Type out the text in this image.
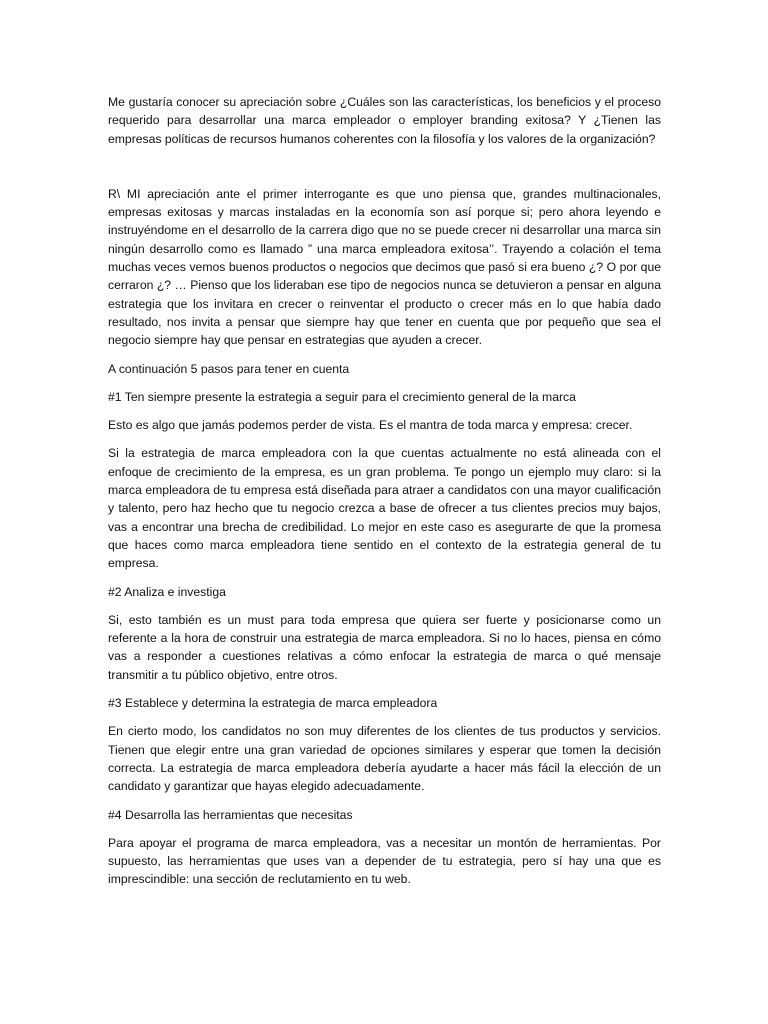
Me gustaría conocer su apreciación sobre ¿Cuáles son las características, los beneficios y el proceso requerido para desarrollar una marca empleador o employer branding exitosa? Y ¿Tienen las empresas políticas de recursos humanos coherentes con la filosofía y los valores de la organización?

R\ MI apreciación ante el primer interrogante es que uno piensa que, grandes multinacionales, empresas exitosas y marcas instaladas en la economía son así porque si; pero ahora leyendo e instruyéndome en el desarrollo de la carrera digo que no se puede crecer ni desarrollar una marca sin ningún desarrollo como es llamado ” una marca empleadora exitosa’’. Trayendo a colación el tema muchas veces vemos buenos productos o negocios que decimos que pasó si era bueno ¿? O por que cerraron ¿? … Pienso que los lideraban ese tipo de negocios nunca se detuvieron a pensar en alguna estrategia que los invitara en crecer o reinventar el producto o crecer más en lo que había dado resultado, nos invita a pensar que siempre hay que tener en cuenta que por pequeño que sea el negocio siempre hay que pensar en estrategias que ayuden a crecer.

A continuación 5 pasos para tener en cuenta

#1 Ten siempre presente la estrategia a seguir para el crecimiento general de la marca

Esto es algo que jamás podemos perder de vista. Es el mantra de toda marca y empresa: crecer.

Si la estrategia de marca empleadora con la que cuentas actualmente no está alineada con el enfoque de crecimiento de la empresa, es un gran problema. Te pongo un ejemplo muy claro: si la marca empleadora de tu empresa está diseñada para atraer a candidatos con una mayor cualificación y talento, pero haz hecho que tu negocio crezca a base de ofrecer a tus clientes precios muy bajos, vas a encontrar una brecha de credibilidad. Lo mejor en este caso es asegurarte de que la promesa que haces como marca empleadora tiene sentido en el contexto de la estrategia general de tu empresa.

#2 Analiza e investiga

Si, esto también es un must para toda empresa que quiera ser fuerte y posicionarse como un referente a la hora de construir una estrategia de marca empleadora. Si no lo haces, piensa en cómo vas a responder a cuestiones relativas a cómo enfocar la estrategia de marca o qué mensaje transmitir a tu público objetivo, entre otros.

#3 Establece y determina la estrategia de marca empleadora

En cierto modo, los candidatos no son muy diferentes de los clientes de tus productos y servicios. Tienen que elegir entre una gran variedad de opciones similares y esperar que tomen la decisión correcta. La estrategia de marca empleadora debería ayudarte a hacer más fácil la elección de un candidato y garantizar que hayas elegido adecuadamente.

#4 Desarrolla las herramientas que necesitas

Para apoyar el programa de marca empleadora, vas a necesitar un montón de herramientas. Por supuesto, las herramientas que uses van a depender de tu estrategia, pero sí hay una que es imprescindible: una sección de reclutamiento en tu web.
